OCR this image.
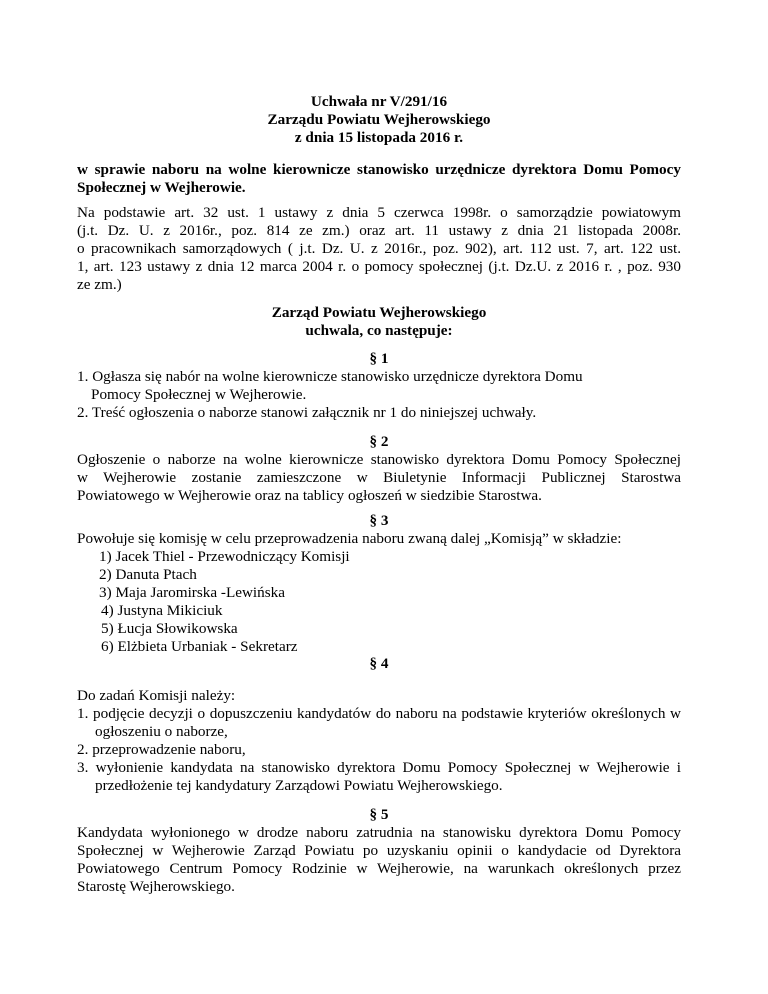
Uchwała nr V/291/16
Zarządu Powiatu Wejherowskiego
z dnia 15 listopada 2016 r.
w sprawie naboru na wolne kierownicze stanowisko urzędnicze dyrektora Domu Pomocy Społecznej w Wejherowie.
Na podstawie art. 32 ust. 1 ustawy z dnia 5 czerwca 1998r. o samorządzie powiatowym
(j.t. Dz. U. z 2016r., poz. 814 ze zm.) oraz art. 11 ustawy z dnia 21 listopada 2008r.
o pracownikach samorządowych ( j.t. Dz. U. z 2016r., poz. 902), art. 112 ust. 7, art. 122 ust.
1, art. 123 ustawy z dnia 12 marca 2004 r. o pomocy społecznej (j.t. Dz.U. z 2016 r. , poz. 930
ze zm.)
Zarząd Powiatu Wejherowskiego
uchwala, co następuje:
§ 1
1. Ogłasza się nabór na wolne kierownicze stanowisko urzędnicze dyrektora Domu
Pomocy Społecznej w Wejherowie.
2. Treść ogłoszenia o naborze stanowi załącznik nr 1 do niniejszej uchwały.
§ 2
Ogłoszenie o naborze na wolne kierownicze stanowisko dyrektora Domu Pomocy Społecznej
w Wejherowie zostanie zamieszczone w Biuletynie Informacji Publicznej Starostwa
Powiatowego w Wejherowie oraz na tablicy ogłoszeń w siedzibie Starostwa.
§ 3
Powołuje się komisję w celu przeprowadzenia naboru zwaną dalej „Komisją” w składzie:
1) Jacek Thiel - Przewodniczący Komisji
2) Danuta Ptach
3) Maja Jaromirska -Lewińska
4) Justyna Mikiciuk
5) Łucja Słowikowska
6) Elżbieta Urbaniak - Sekretarz
§ 4
Do zadań Komisji należy:
1. podjęcie decyzji o dopuszczeniu kandydatów do naboru na podstawie kryteriów określonych w ogłoszeniu o naborze,
2. przeprowadzenie naboru,
3. wyłonienie kandydata na stanowisko dyrektora Domu Pomocy Społecznej w Wejherowie i przedłożenie tej kandydatury Zarządowi Powiatu Wejherowskiego.
§ 5
Kandydata wyłonionego w drodze naboru zatrudnia na stanowisku dyrektora Domu Pomocy
Społecznej w Wejherowie Zarząd Powiatu po uzyskaniu opinii o kandydacie od Dyrektora
Powiatowego Centrum Pomocy Rodzinie w Wejherowie, na warunkach określonych przez
Starostę Wejherowskiego.
